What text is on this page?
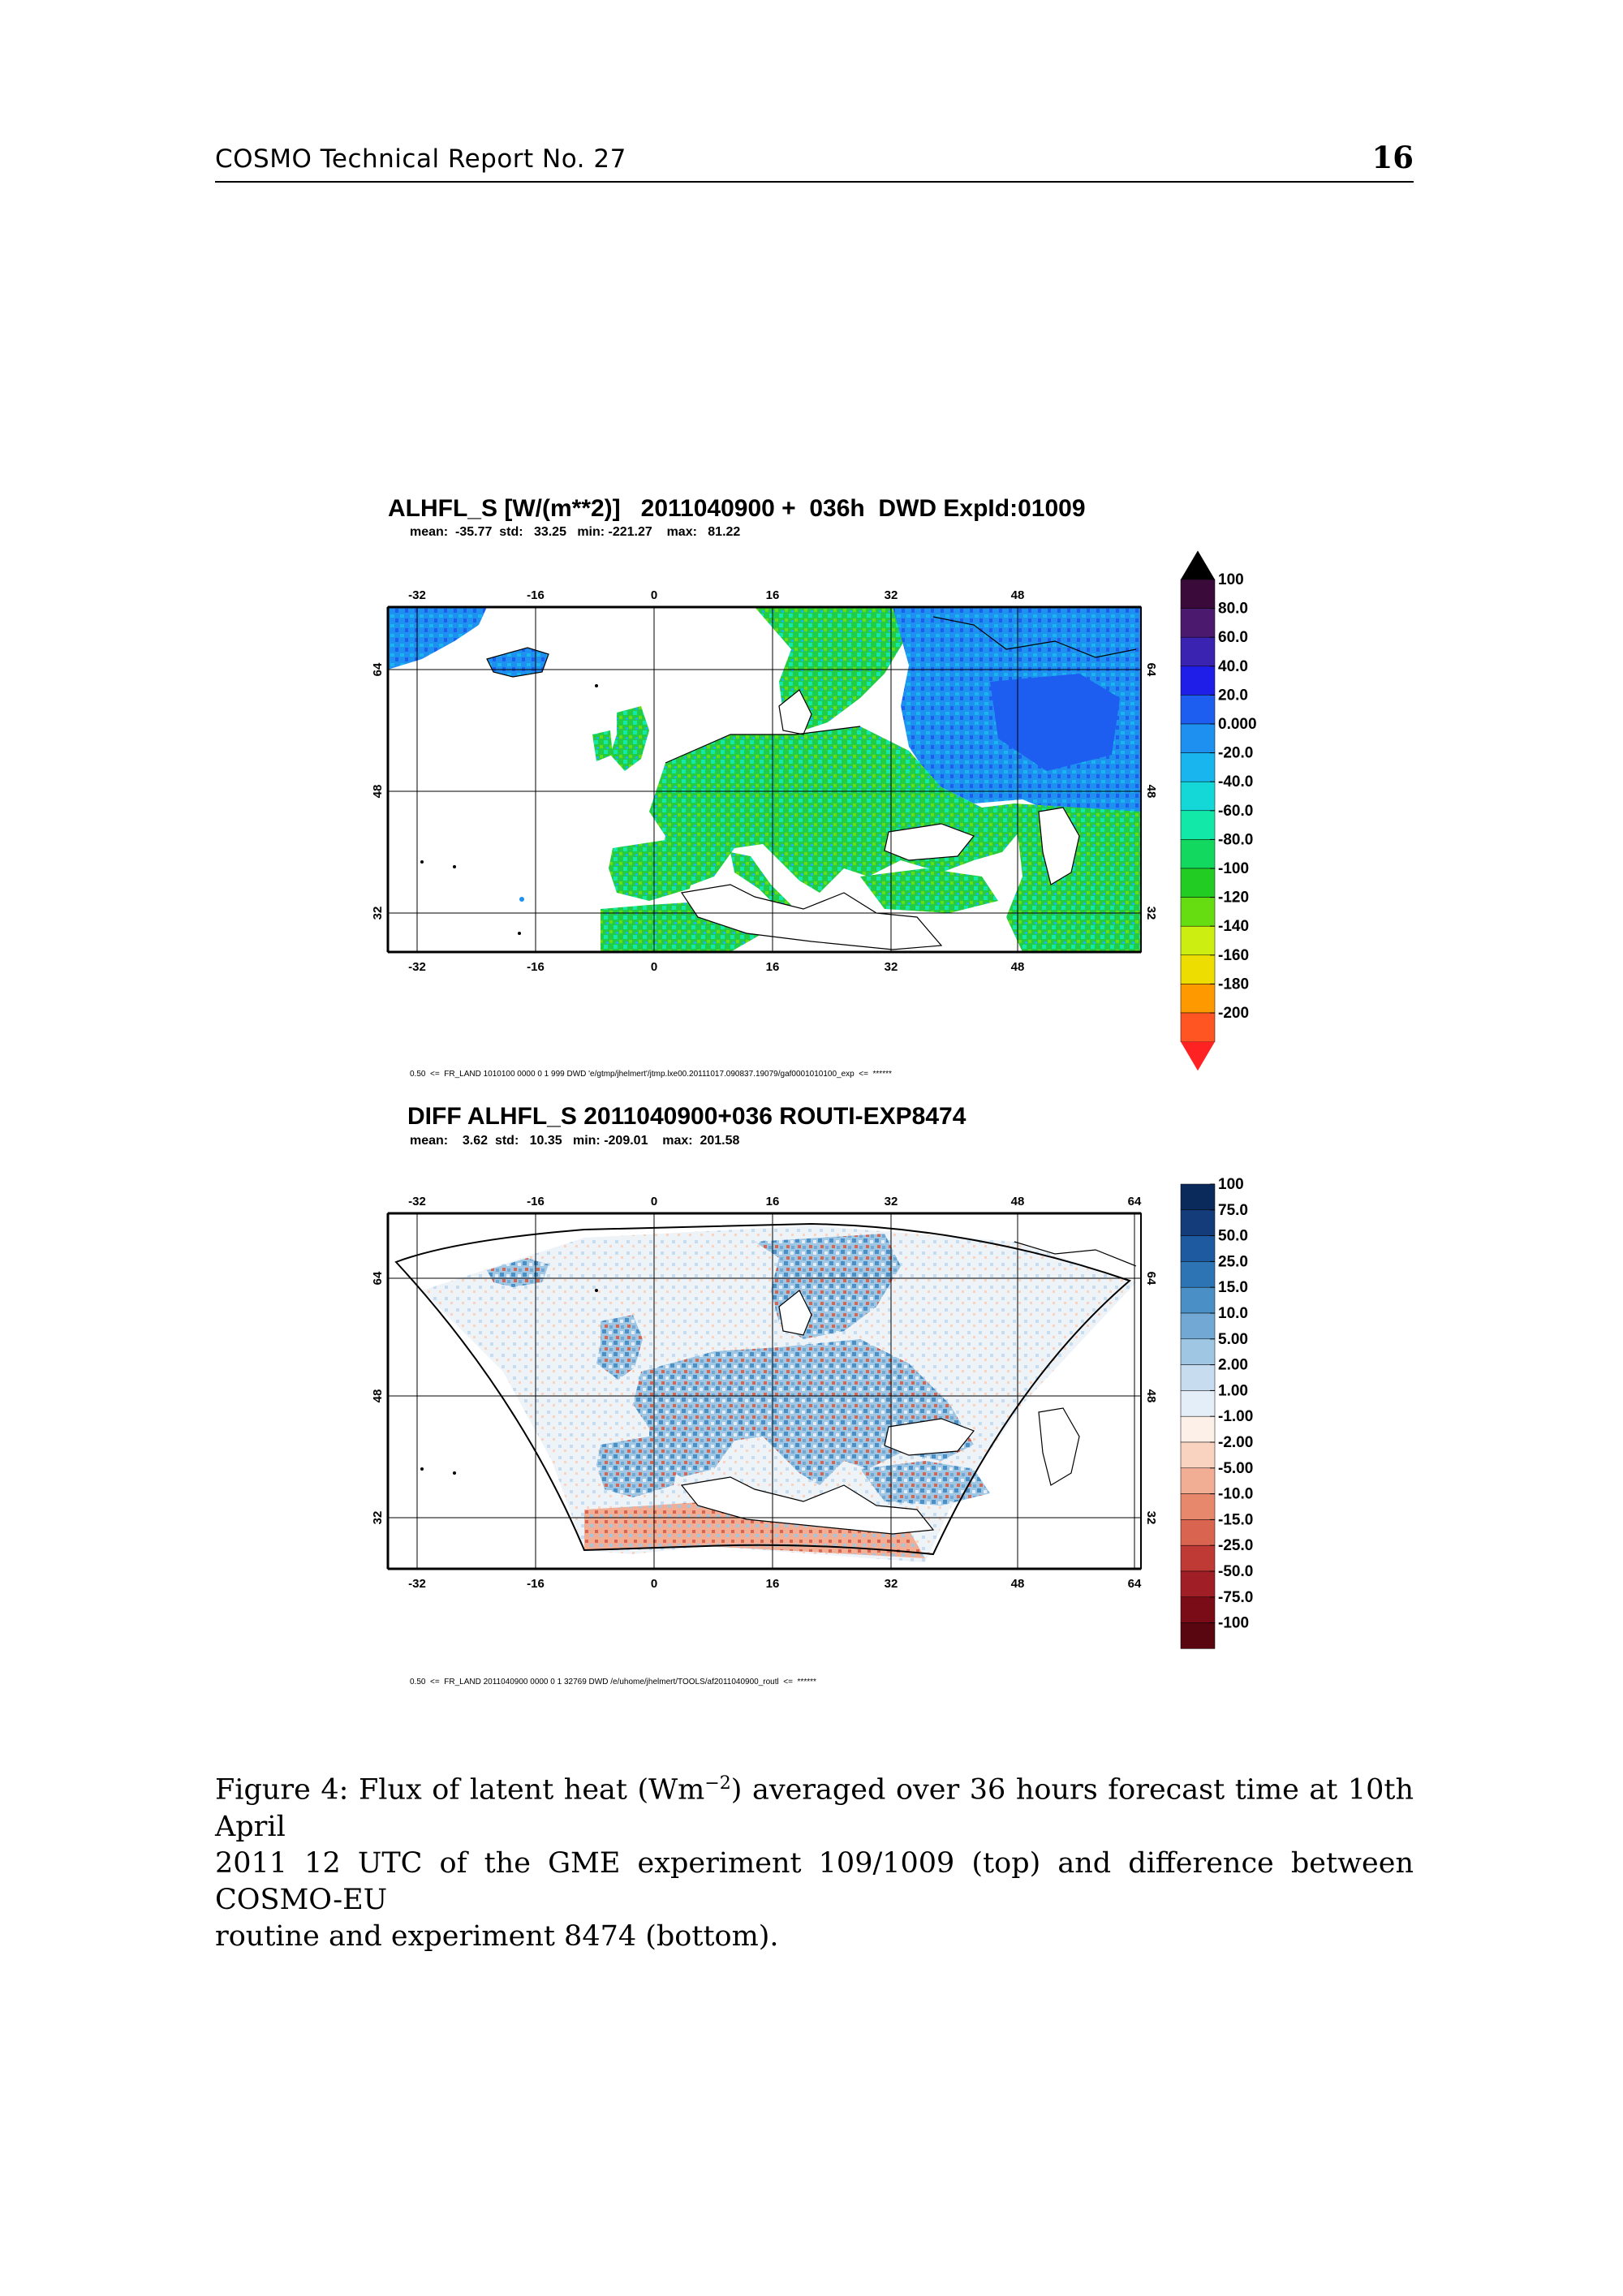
COSMO Technical Report No. 27	16
ALHFL_S [W/(m**2)]   2011040900 +  036h  DWD ExpId:01009
mean:  -35.77  std:   33.25   min: -221.27    max:   81.22
-32	-16	0	16	32	48
-32	-16	0	16	32	48
64
48
32
64
48
32
100
80.0
60.0
40.0
20.0
0.000
-20.0
-40.0
-60.0
-80.0
-100
-120
-140
-160
-180
-200
0.50  <=  FR_LAND 1010100 0000 0 1 999 DWD 'e/gtmp/jhelmert'/jtmp.lxe00.20111017.090837.19079/gaf0001010100_exp  <=  ******
DIFF ALHFL_S 2011040900+036 ROUTI-EXP8474
mean:    3.62  std:   10.35   min: -209.01    max:  201.58
-32	-16	0	16	32	48	64
-32	-16	0	16	32	48	64
64
48
32
64
48
32
100
75.0
50.0
25.0
15.0
10.0
5.00
2.00
1.00
-1.00
-2.00
-5.00
-10.0
-15.0
-25.0
-50.0
-75.0
-100
0.50  <=  FR_LAND 2011040900 0000 0 1 32769 DWD /e/uhome/jhelmert/TOOLS/af2011040900_routl  <=  ******
Figure 4: Flux of latent heat $(Wm^{-2})$ averaged over 36 hours forecast time at 10th April
2011 12 UTC of the GME experiment 109/1009 (top) and difference between COSMO-EU
routine and experiment 8474 (bottom).
